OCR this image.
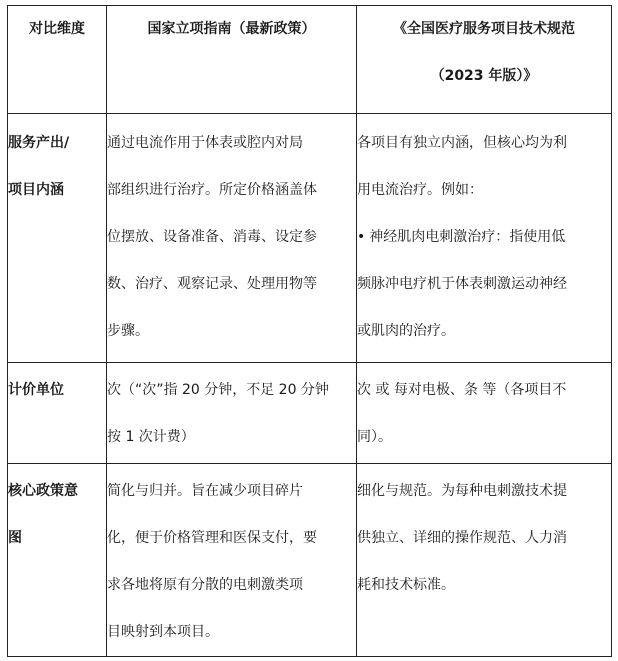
对比维度	国家立项指南（最新政策）	《全国医疗服务项目技术规范
（2023 年版）》

服务产出/
项目内涵	通过电流作用于体表或腔内对局
部组织进行治疗。所定价格涵盖体
位摆放、设备准备、消毒、设定参
数、治疗、观察记录、处理用物等
步骤。	各项目有独立内涵，但核心均为利
用电流治疗。例如：
• 神经肌肉电刺激治疗：指使用低
频脉冲电疗机于体表刺激运动神经
或肌肉的治疗。

计价单位	次（“次”指 20 分钟，不足 20 分钟
按 1 次计费）	次 或 每对电极、条 等（各项目不
同）。

核心政策意
图	简化与归并。旨在减少项目碎片
化，便于价格管理和医保支付，要
求各地将原有分散的电刺激类项
目映射到本项目。	细化与规范。为每种电刺激技术提
供独立、详细的操作规范、人力消
耗和技术标准。
